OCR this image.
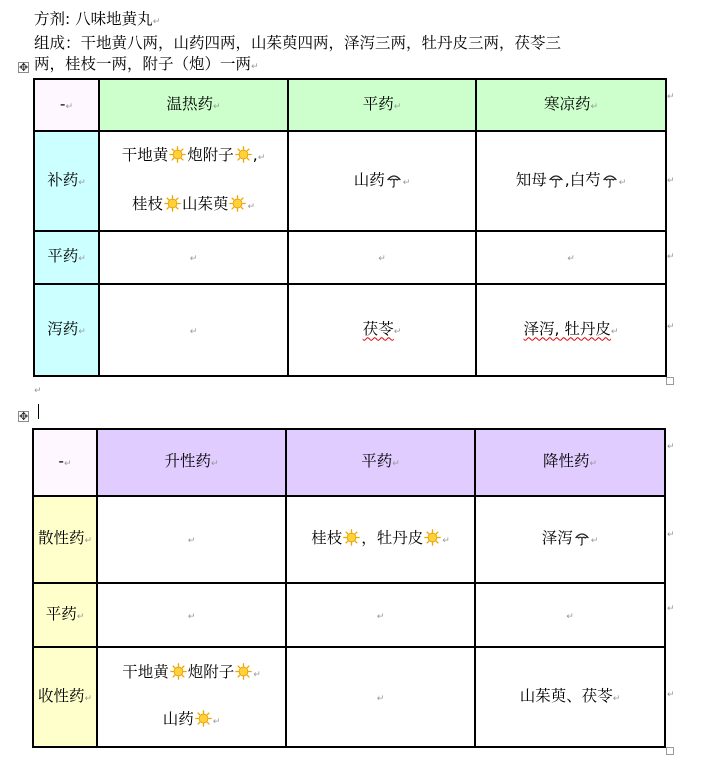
方剂: 八味地黄丸↵
组成：干地黄八两，山药四两，山茱萸四两，泽泻三两，牡丹皮三两，茯苓三
两，桂枝一两，附子（炮）一两↵
✥
-↵	温热药↵	平药↵	寒凉药↵
补药↵	干地黄 炮附子 ,↵
桂枝 山茱萸 ↵	山药 ↵	知母 ,白芍 ↵
平药↵	↵	↵	↵
泻药↵	↵	茯苓↵	泽泻, 牡丹皮↵
↵
↵
↵
↵
↵
✥
-↵	升性药↵	平药↵	降性药↵
散性药↵	↵	桂枝 ，牡丹皮 ↵	泽泻 ↵
平药↵	↵	↵	↵
收性药↵	干地黄 炮附子 ↵
山药 ↵	↵	山茱萸、茯苓↵
↵
↵
↵
↵
